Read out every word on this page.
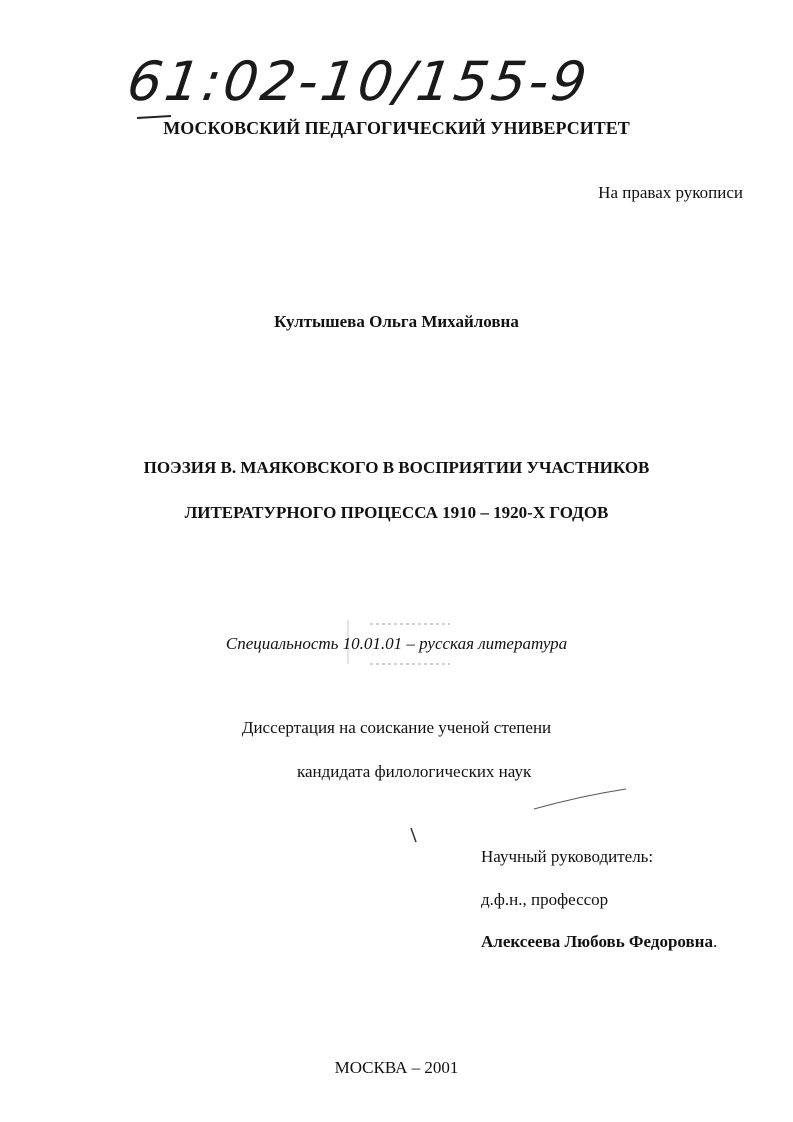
61:02-10/155-9
МОСКОВСКИЙ ПЕДАГОГИЧЕСКИЙ УНИВЕРСИТЕТ
На правах рукописи
Култышева Ольга Михайловна
ПОЭЗИЯ В. МАЯКОВСКОГО В ВОСПРИЯТИИ УЧАСТНИКОВ
ЛИТЕРАТУРНОГО ПРОЦЕССА 1910 – 1920-Х ГОДОВ
Специальность 10.01.01 – русская литература
Диссертация на соискание ученой степени
кандидата филологических наук
Научный руководитель:
д.ф.н., профессор
Алексеева Любовь Федоровна.
МОСКВА – 2001
